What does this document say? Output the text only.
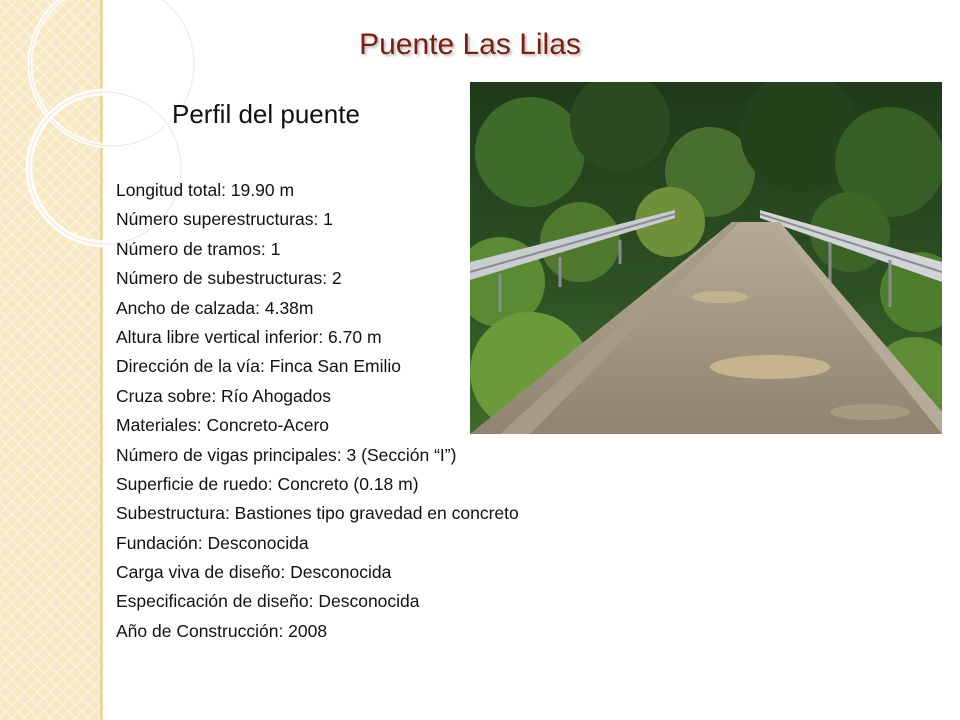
Puente Las Lilas
Perfil del puente
Longitud total: 19.90 m
Número superestructuras: 1
Número de tramos: 1
Número de subestructuras: 2
Ancho de calzada: 4.38m
Altura libre vertical inferior: 6.70 m
Dirección de la vía: Finca San Emilio
Cruza sobre: Río Ahogados
Materiales: Concreto-Acero
Número de vigas principales: 3 (Sección “I”)
Superficie de ruedo: Concreto (0.18 m)
Subestructura: Bastiones tipo gravedad en concreto
Fundación: Desconocida
Carga viva de diseño: Desconocida
Especificación de diseño: Desconocida
Año de Construcción: 2008
